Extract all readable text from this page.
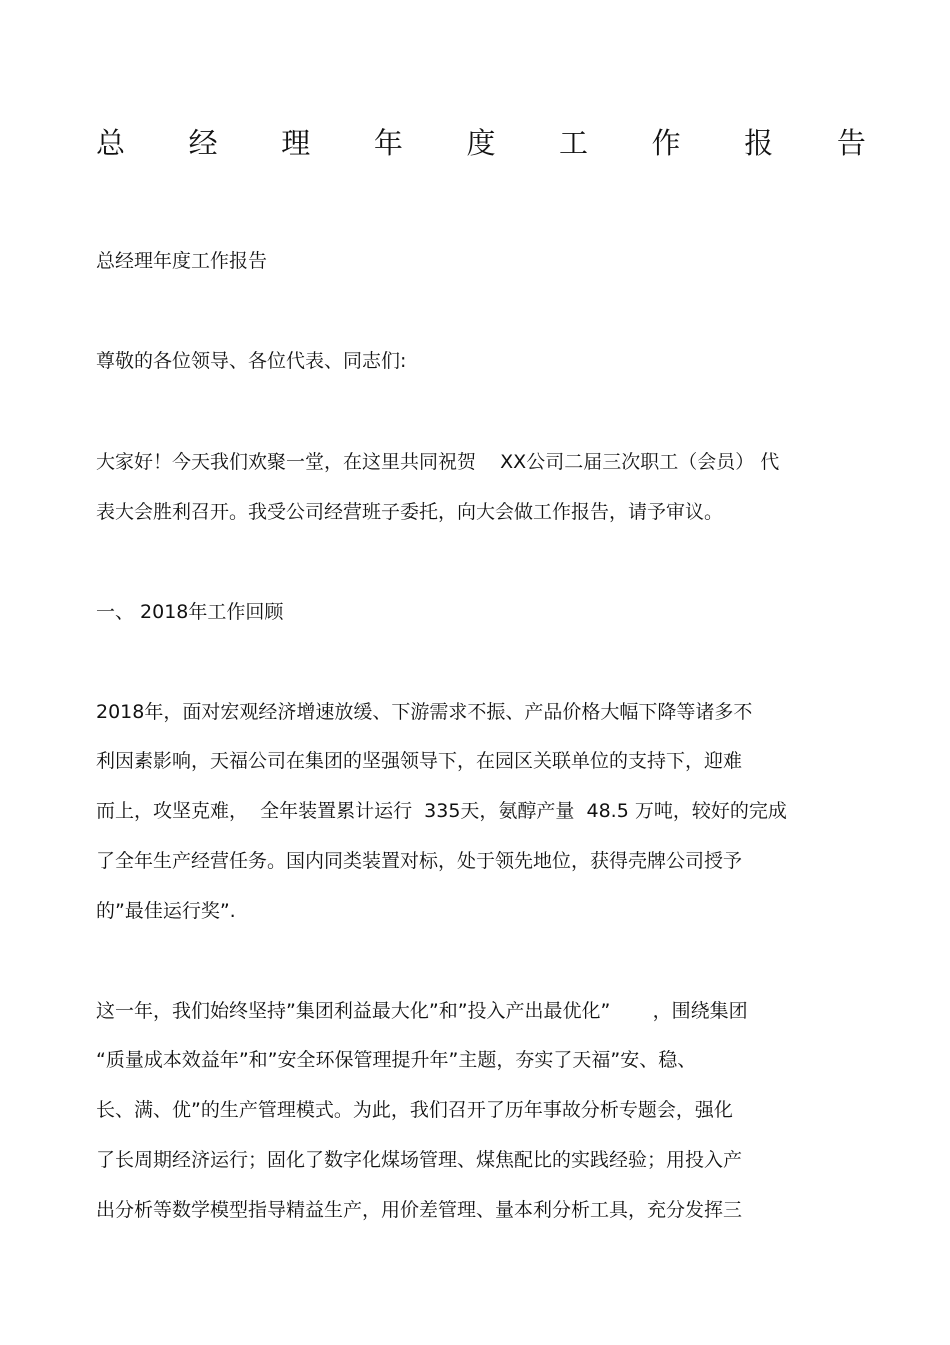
总 经 理 年 度 工 作 报 告
总经理年度工作报告
尊敬的各位领导、各位代表、同志们:
大家好！今天我们欢聚一堂，在这里共同祝贺    XX公司二届三次职工（会员） 代
表大会胜利召开。我受公司经营班子委托，向大会做工作报告，请予审议。
一、 2018年工作回顾
2018年，面对宏观经济增速放缓、下游需求不振、产品价格大幅下降等诸多不
利因素影响，天福公司在集团的坚强领导下，在园区关联单位的支持下，迎难
而上，攻坚克难，  全年装置累计运行  335天，氨醇产量  48.5 万吨，较好的完成
了全年生产经营任务。国内同类装置对标，处于领先地位，获得壳牌公司授予
的”最佳运行奖”.
这一年，我们始终坚持”集团利益最大化”和”投入产出最优化”       ，围绕集团
“质量成本效益年”和”安全环保管理提升年”主题，夯实了天福”安、稳、
长、满、优”的生产管理模式。为此，我们召开了历年事故分析专题会，强化
了长周期经济运行；固化了数字化煤场管理、煤焦配比的实践经验；用投入产
出分析等数学模型指导精益生产，用价差管理、量本利分析工具，充分发挥三
